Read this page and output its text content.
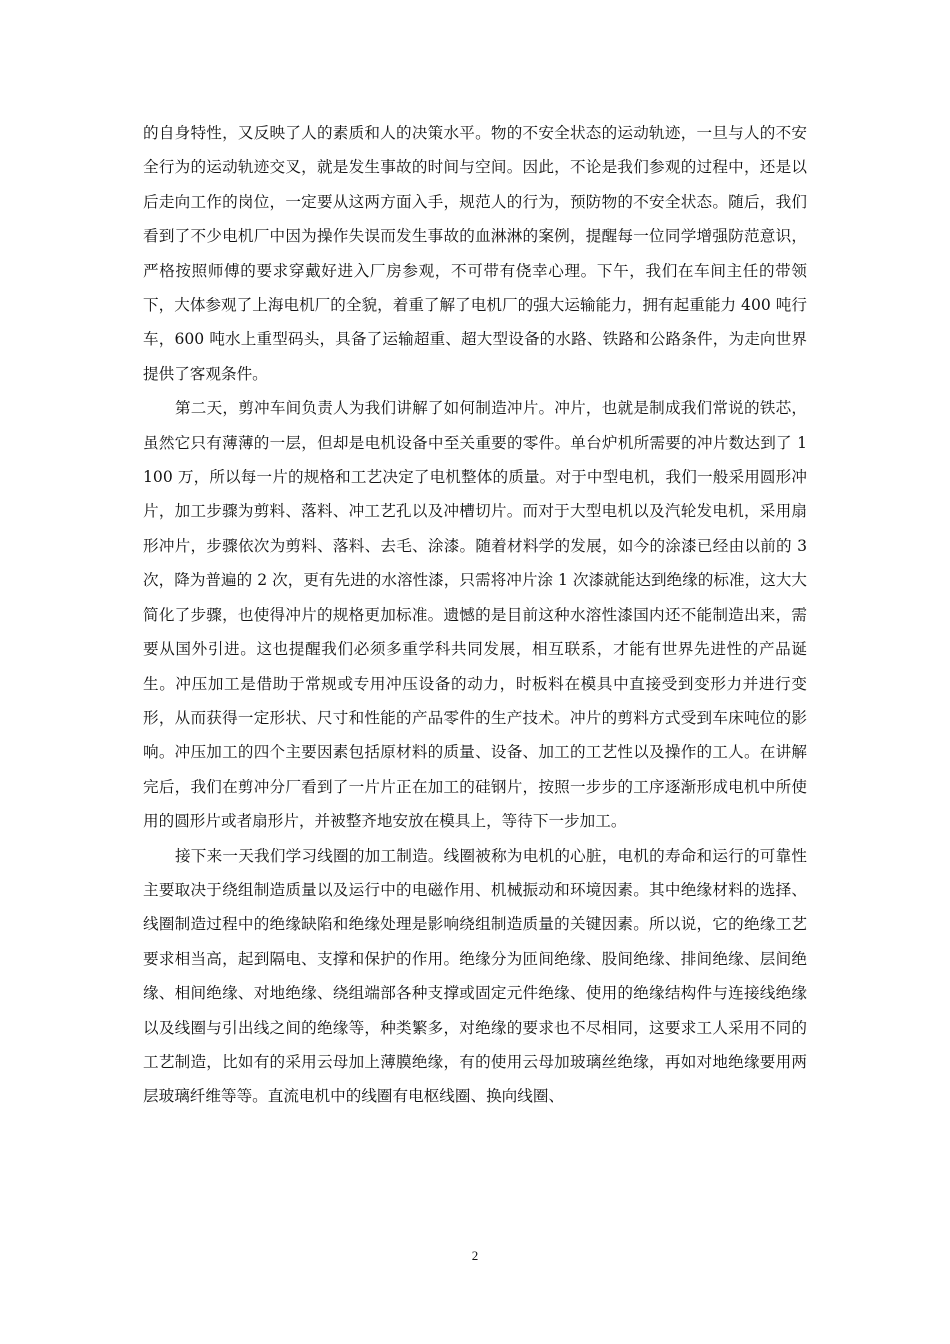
的自身特性，又反映了人的素质和人的决策水平。物的不安全状态的运动轨迹，一旦与人的不安全行为的运动轨迹交叉，就是发生事故的时间与空间。因此，不论是我们参观的过程中，还是以后走向工作的岗位，一定要从这两方面入手，规范人的行为，预防物的不安全状态。随后，我们看到了不少电机厂中因为操作失误而发生事故的血淋淋的案例，提醒每一位同学增强防范意识，严格按照师傅的要求穿戴好进入厂房参观，不可带有侥幸心理。下午，我们在车间主任的带领下，大体参观了上海电机厂的全貌，着重了解了电机厂的强大运输能力，拥有起重能力 400 吨行车，600 吨水上重型码头，具备了运输超重、超大型设备的水路、铁路和公路条件，为走向世界提供了客观条件。

第二天，剪冲车间负责人为我们讲解了如何制造冲片。冲片，也就是制成我们常说的铁芯，虽然它只有薄薄的一层，但却是电机设备中至关重要的零件。单台炉机所需要的冲片数达到了 1100 万，所以每一片的规格和工艺决定了电机整体的质量。对于中型电机，我们一般采用圆形冲片，加工步骤为剪料、落料、冲工艺孔以及冲槽切片。而对于大型电机以及汽轮发电机，采用扇形冲片，步骤依次为剪料、落料、去毛、涂漆。随着材料学的发展，如今的涂漆已经由以前的 3 次，降为普遍的 2 次，更有先进的水溶性漆，只需将冲片涂 1 次漆就能达到绝缘的标准，这大大简化了步骤，也使得冲片的规格更加标准。遗憾的是目前这种水溶性漆国内还不能制造出来，需要从国外引进。这也提醒我们必须多重学科共同发展，相互联系，才能有世界先进性的产品诞生。冲压加工是借助于常规或专用冲压设备的动力，时板料在模具中直接受到变形力并进行变形，从而获得一定形状、尺寸和性能的产品零件的生产技术。冲片的剪料方式受到车床吨位的影响。冲压加工的四个主要因素包括原材料的质量、设备、加工的工艺性以及操作的工人。在讲解完后，我们在剪冲分厂看到了一片片正在加工的硅钢片，按照一步步的工序逐渐形成电机中所使用的圆形片或者扇形片，并被整齐地安放在模具上，等待下一步加工。

接下来一天我们学习线圈的加工制造。线圈被称为电机的心脏，电机的寿命和运行的可靠性主要取决于绕组制造质量以及运行中的电磁作用、机械振动和环境因素。其中绝缘材料的选择、线圈制造过程中的绝缘缺陷和绝缘处理是影响绕组制造质量的关键因素。所以说，它的绝缘工艺要求相当高，起到隔电、支撑和保护的作用。绝缘分为匝间绝缘、股间绝缘、排间绝缘、层间绝缘、相间绝缘、对地绝缘、绕组端部各种支撑或固定元件绝缘、使用的绝缘结构件与连接线绝缘以及线圈与引出线之间的绝缘等，种类繁多，对绝缘的要求也不尽相同，这要求工人采用不同的工艺制造，比如有的采用云母加上薄膜绝缘，有的使用云母加玻璃丝绝缘，再如对地绝缘要用两层玻璃纤维等等。直流电机中的线圈有电枢线圈、换向线圈、

2
